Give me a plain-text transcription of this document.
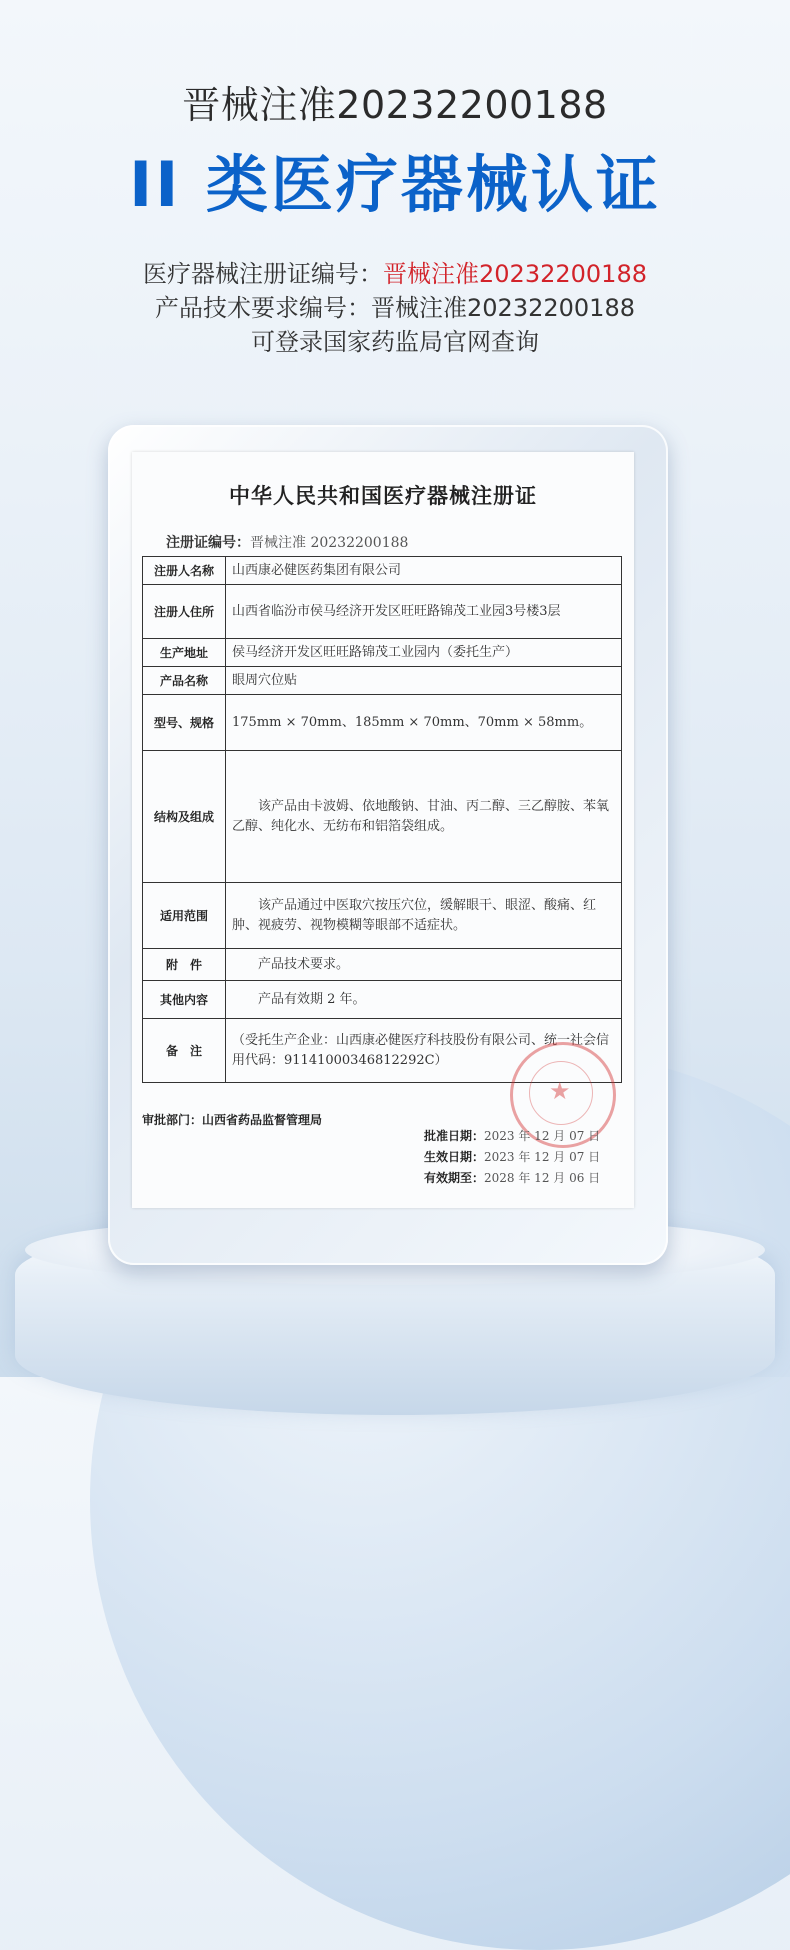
晋械注准20232200188
II 类医疗器械认证
医疗器械注册证编号：晋械注准20232200188
产品技术要求编号：晋械注准20232200188
可登录国家药监局官网查询
中华人民共和国医疗器械注册证
注册证编号：晋械注准 20232200188
注册人名称	山西康必健医药集团有限公司
注册人住所	山西省临汾市侯马经济开发区旺旺路锦茂工业园3号楼3层
生产地址	侯马经济开发区旺旺路锦茂工业园内（委托生产）
产品名称	眼周穴位贴
型号、规格	175mm × 70mm、185mm × 70mm、70mm × 58mm。
结构及组成	该产品由卡波姆、依地酸钠、甘油、丙二醇、三乙醇胺、苯氧乙醇、纯化水、无纺布和铝箔袋组成。
适用范围	该产品通过中医取穴按压穴位，缓解眼干、眼涩、酸痛、红肿、视疲劳、视物模糊等眼部不适症状。
附　件	产品技术要求。
其他内容	产品有效期 2 年。
备　注	（受托生产企业：山西康必健医疗科技股份有限公司、统一社会信用代码：91141000346812292C）
审批部门：山西省药品监督管理局
★
批准日期：2023 年 12 月 07 日
生效日期：2023 年 12 月 07 日
有效期至：2028 年 12 月 06 日
